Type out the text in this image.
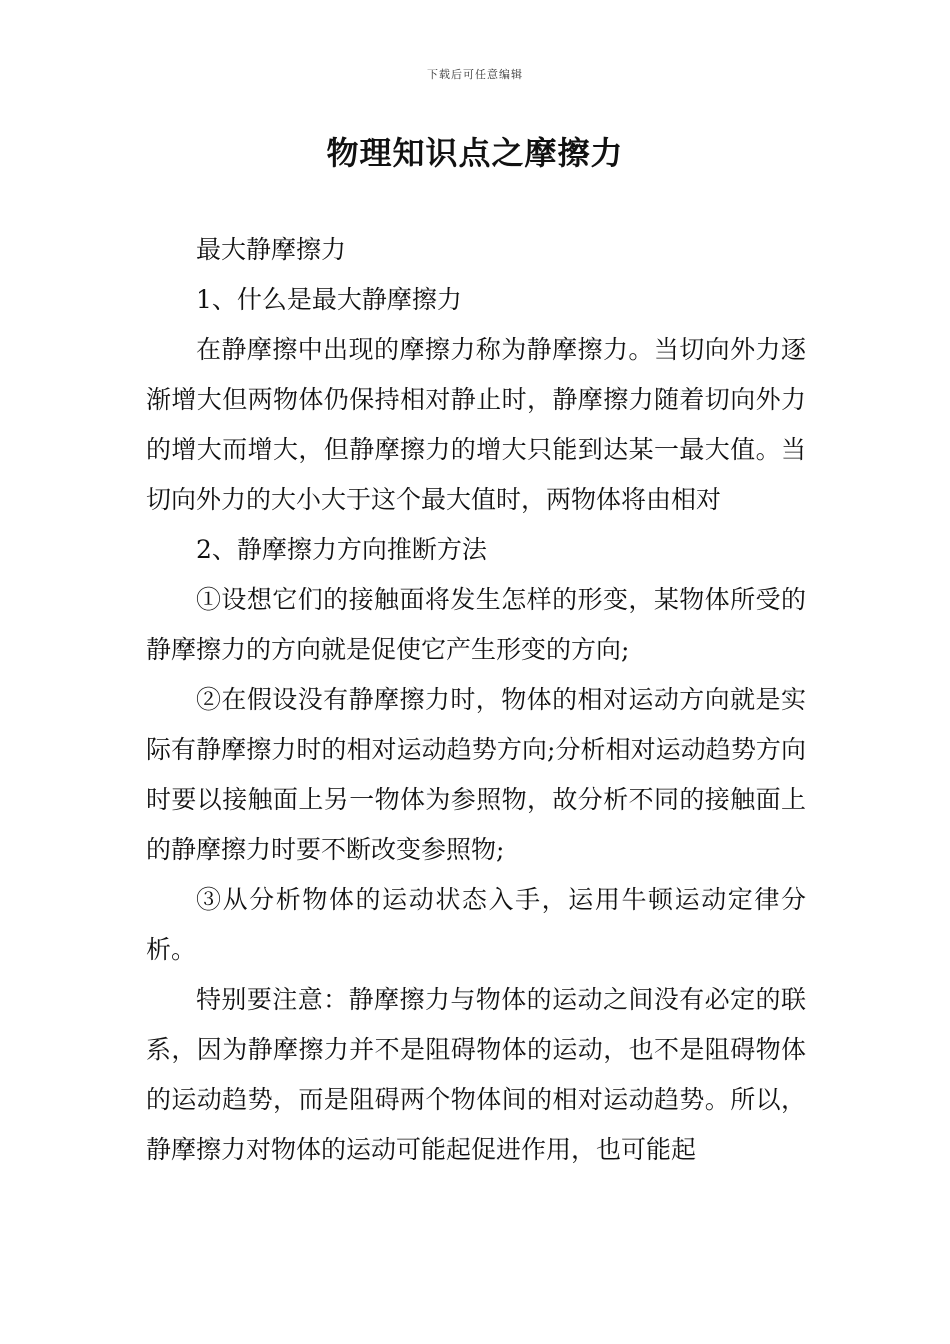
下载后可任意编辑
物理知识点之摩擦力

最大静摩擦力

1、什么是最大静摩擦力

在静摩擦中出现的摩擦力称为静摩擦力。当切向外力逐渐增大但两物体仍保持相对静止时，静摩擦力随着切向外力的增大而增大，但静摩擦力的增大只能到达某一最大值。当切向外力的大小大于这个最大值时，两物体将由相对

2、静摩擦力方向推断方法

①设想它们的接触面将发生怎样的形变，某物体所受的静摩擦力的方向就是促使它产生形变的方向;

②在假设没有静摩擦力时，物体的相对运动方向就是实际有静摩擦力时的相对运动趋势方向;分析相对运动趋势方向时要以接触面上另一物体为参照物，故分析不同的接触面上的静摩擦力时要不断改变参照物;

③从分析物体的运动状态入手，运用牛顿运动定律分析。

特别要注意：静摩擦力与物体的运动之间没有必定的联系，因为静摩擦力并不是阻碍物体的运动，也不是阻碍物体的运动趋势，而是阻碍两个物体间的相对运动趋势。所以，静摩擦力对物体的运动可能起促进作用，也可能起
